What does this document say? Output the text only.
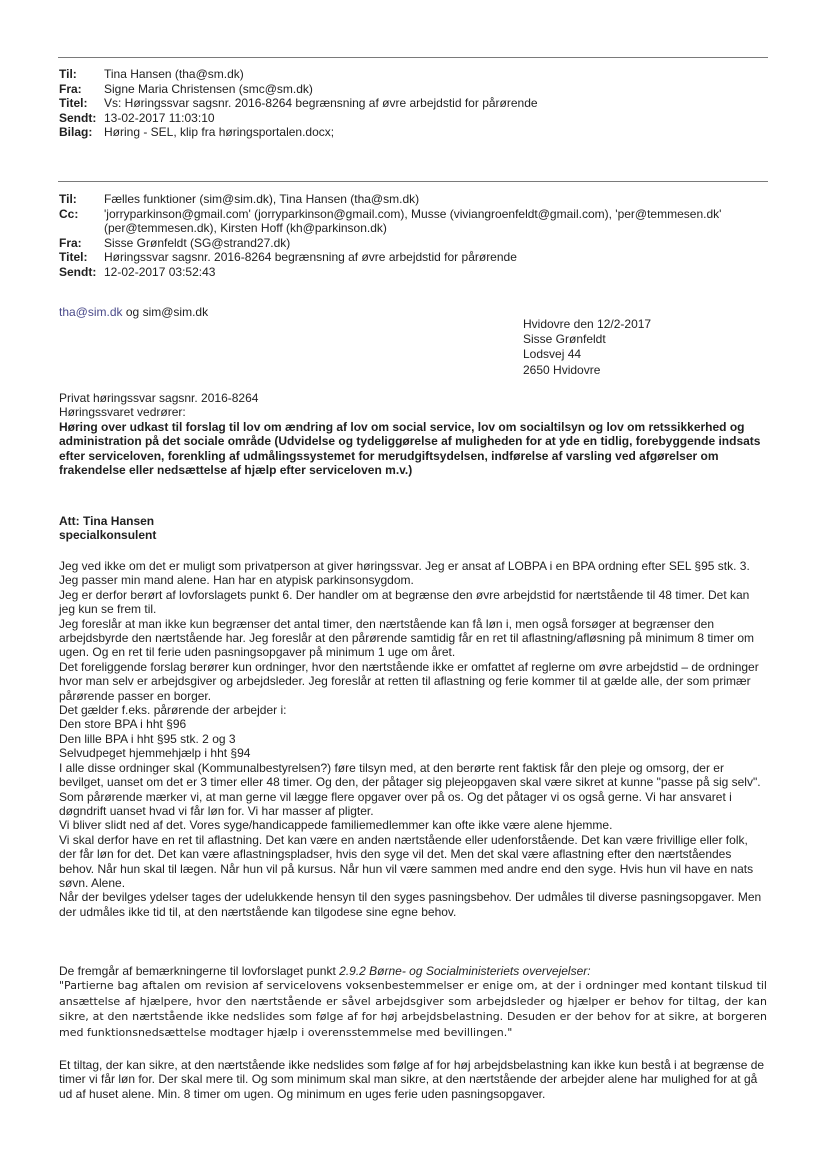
Til:	Tina Hansen (tha@sm.dk)
Fra:	Signe Maria Christensen (smc@sm.dk)
Titel:	Vs: Høringssvar sagsnr. 2016-8264 begrænsning af øvre arbejdstid for pårørende
Sendt: 13-02-2017 11:03:10
Bilag: Høring - SEL, klip fra høringsportalen.docx;
Til:	Fælles funktioner (sim@sim.dk), Tina Hansen (tha@sm.dk)
Cc:	'jorryparkinson@gmail.com' (jorryparkinson@gmail.com), Musse (viviangroenfeldt@gmail.com), 'per@temmesen.dk'
(per@temmesen.dk), Kirsten Hoff (kh@parkinson.dk)
Fra:	Sisse Grønfeldt (SG@strand27.dk)
Titel:	Høringssvar sagsnr. 2016-8264 begrænsning af øvre arbejdstid for pårørende
Sendt: 12-02-2017 03:52:43
tha@sim.dk og sim@sim.dk
Hvidovre den 12/2-2017
Sisse Grønfeldt
Lodsvej 44
2650 Hvidovre

Privat høringssvar sagsnr. 2016-8264

Høringssvaret vedrører:

Høring over udkast til forslag til lov om ændring af lov om social service, lov om socialtilsyn og lov om retssikkerhed og administration på det sociale område (Udvidelse og tydeliggørelse af muligheden for at yde en tidlig, forebyggende indsats efter serviceloven, forenkling af udmålingssystemet for merudgiftsydelsen, indførelse af varsling ved afgørelser om frakendelse eller nedsættelse af hjælp efter serviceloven m.v.)

Att: Tina Hansen

specialkonsulent

Jeg ved ikke om det er muligt som privatperson at giver høringssvar. Jeg er ansat af LOBPA i en BPA ordning efter SEL §95 stk. 3. Jeg passer min mand alene. Han har en atypisk parkinsonsygdom.

Jeg er derfor berørt af lovforslagets punkt 6. Der handler om at begrænse den øvre arbejdstid for nærtstående til 48 timer. Det kan jeg kun se frem til.

Jeg foreslår at man ikke kun begrænser det antal timer, den nærtstående kan få løn i, men også forsøger at begrænser den arbejdsbyrde den nærtstående har. Jeg foreslår at den pårørende samtidig får en ret til aflastning/afløsning på minimum 8 timer om ugen. Og en ret til ferie uden pasningsopgaver på minimum 1 uge om året.

Det foreliggende forslag berører kun ordninger, hvor den nærtstående ikke er omfattet af reglerne om øvre arbejdstid – de ordninger hvor man selv er arbejdsgiver og arbejdsleder. Jeg foreslår at retten til aflastning og ferie kommer til at gælde alle, der som primær pårørende passer en borger.

Det gælder f.eks. pårørende der arbejder i:

Den store BPA i hht §96

Den lille BPA i hht §95 stk. 2 og 3

Selvudpeget hjemmehjælp i hht §94

I alle disse ordninger skal (Kommunalbestyrelsen?) føre tilsyn med, at den berørte rent faktisk får den pleje og omsorg, der er bevilget, uanset om det er 3 timer eller 48 timer. Og den, der påtager sig plejeopgaven skal være sikret at kunne "passe på sig selv".

Som pårørende mærker vi, at man gerne vil lægge flere opgaver over på os. Og det påtager vi os også gerne. Vi har ansvaret i døgndrift uanset hvad vi får løn for. Vi har masser af pligter.

Vi bliver slidt ned af det. Vores syge/handicappede familiemedlemmer kan ofte ikke være alene hjemme.

Vi skal derfor have en ret til aflastning. Det kan være en anden nærtstående eller udenforstående. Det kan være frivillige eller folk, der får løn for det. Det kan være aflastningspladser, hvis den syge vil det. Men det skal være aflastning efter den nærtståendes behov. Når hun skal til lægen. Når hun vil på kursus. Når hun vil være sammen med andre end den syge. Hvis hun vil have en nats søvn. Alene.

Når der bevilges ydelser tages der udelukkende hensyn til den syges pasningsbehov. Der udmåles til diverse pasningsopgaver. Men der udmåles ikke tid til, at den nærtstående kan tilgodese sine egne behov.

De fremgår af bemærkningerne til lovforslaget punkt 2.9.2 Børne- og Socialministeriets overvejelser:

"Partierne bag aftalen om revision af servicelovens voksenbestemmelser er enige om, at der i ordninger med kontant tilskud til ansættelse af hjælpere, hvor den nærtstående er såvel arbejdsgiver som arbejdsleder og hjælper er behov for tiltag, der kan sikre, at den nærtstående ikke nedslides som følge af for høj arbejdsbelastning. Desuden er der behov for at sikre, at borgeren med funktionsnedsættelse modtager hjælp i overensstemmelse med bevillingen."

Et tiltag, der kan sikre, at den nærtstående ikke nedslides som følge af for høj arbejdsbelastning kan ikke kun bestå i at begrænse de timer vi får løn for. Der skal mere til. Og som minimum skal man sikre, at den nærtstående der arbejder alene har mulighed for at gå ud af huset alene. Min. 8 timer om ugen. Og minimum en uges ferie uden pasningsopgaver.
